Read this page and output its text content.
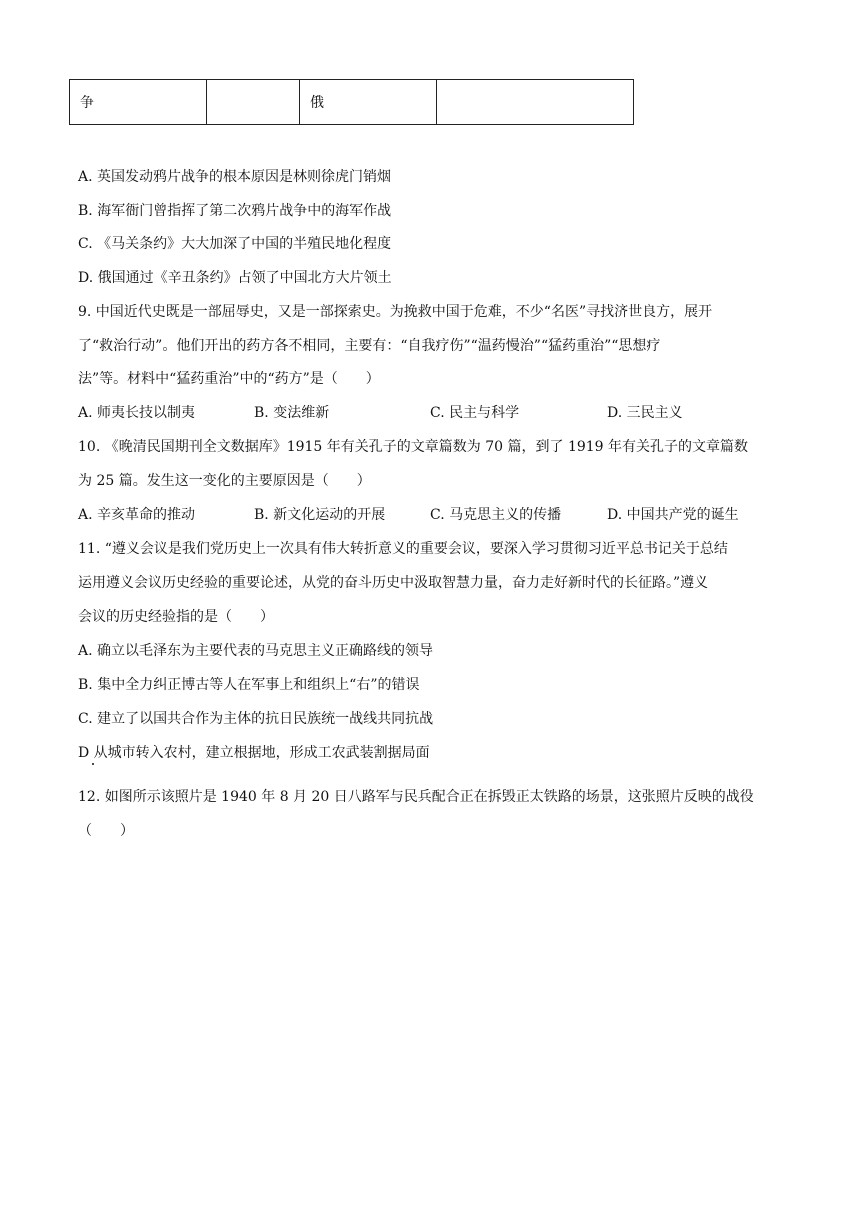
争		俄	
A. 英国发动鸦片战争的根本原因是林则徐虎门销烟
B. 海军衙门曾指挥了第二次鸦片战争中的海军作战
C. 《马关条约》大大加深了中国的半殖民地化程度
D. 俄国通过《辛丑条约》占领了中国北方大片领土
9. 中国近代史既是一部屈辱史，又是一部探索史。为挽救中国于危难，不少“名医”寻找济世良方，展开
了“救治行动”。他们开出的药方各不相同，主要有：“自我疗伤”“温药慢治”“猛药重治”“思想疗
法”等。材料中“猛药重治”中的“药方”是（　　）
A. 师夷长技以制夷	B. 变法维新	C. 民主与科学	D. 三民主义
10. 《晚清民国期刊全文数据库》1915 年有关孔子的文章篇数为 70 篇，到了 1919 年有关孔子的文章篇数
为 25 篇。发生这一变化的主要原因是（　　）
A. 辛亥革命的推动	B. 新文化运动的开展	C. 马克思主义的传播	D. 中国共产党的诞生
11. “遵义会议是我们党历史上一次具有伟大转折意义的重要会议，要深入学习贯彻习近平总书记关于总结
运用遵义会议历史经验的重要论述，从党的奋斗历史中汲取智慧力量，奋力走好新时代的长征路。”遵义
会议的历史经验指的是（　　）
A. 确立以毛泽东为主要代表的马克思主义正确路线的领导
B. 集中全力纠正博古等人在军事上和组织上“右”的错误
C. 建立了以国共合作为主体的抗日民族统一战线共同抗战
D 从城市转入农村，建立根据地，形成工农武装割据局面
12. 如图所示该照片是 1940 年 8 月 20 日八路军与民兵配合正在拆毁正太铁路的场景，这张照片反映的战役
（　　）
